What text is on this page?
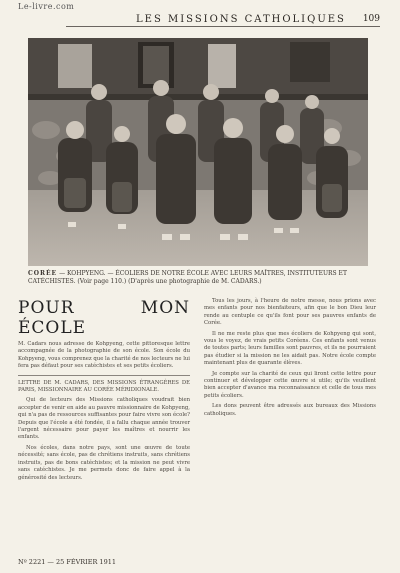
Le-livre.com
LES MISSIONS CATHOLIQUES 109
CORÉE — KOHPYENG. — ÉCOLIERS DE NOTRE ÉCOLE AVEC LEURS MAÎTRES, INSTITUTEURS ET CATÉCHISTES. (Voir page 110.) (D'après une photographie de M. CADARS.)
POUR MON ÉCOLE

M. Cadars nous adresse de Kohpyeng, cette pittoresque lettre accompagnée de la photographie de son école. Son école du Kohpyeng, vous comprenez que la charité de nos lecteurs ne lui fera pas défaut pour ses catéchistes et ses petits écoliers.

LETTRE DE M. CADARS, DES MISSIONS ÉTRANGÈRES DE PARIS, MISSIONNAIRE AU CORÉE MÉRIDIONALE.

Qui de lecteurs des Missions catholiques voudrait bien accepter de venir en aide au pauvre missionnaire de Kohpyeng, qui n'a pas de ressources suffisantes pour faire vivre son école? Depuis que l'école a été fondée, il a fallu chaque année trouver l'argent nécessaire pour payer les maîtres et nourrir les enfants.

Nos écoles, dans notre pays, sont une œuvre de toute nécessité; sans école, pas de chrétiens instruits, sans chrétiens instruits, pas de bons catéchistes; et la mission ne peut vivre sans catéchistes. Je me permets donc de faire appel à la générosité des lecteurs.

Tous les jours, à l'heure de notre messe, nous prions avec mes enfants pour nos bienfaiteurs, afin que le bon Dieu leur rende au centuple ce qu'ils font pour ses pauvres enfants de Corée.

Il ne me reste plus que mes écoliers de Kohpyeng qui sont, vous le voyez, de vrais petits Coréens. Ces enfants sont venus de toutes parts; leurs familles sont pauvres, et ils ne pourraient pas étudier si la mission ne les aidait pas. Notre école compte maintenant plus de quarante élèves.

Je compte sur la charité de ceux qui liront cette lettre pour continuer et développer cette œuvre si utile; qu'ils veuillent bien accepter d'avance ma reconnaissance et celle de tous mes petits écoliers.

Les dons peuvent être adressés aux bureaux des Missions catholiques.

Nº 2221 — 25 FÉVRIER 1911
